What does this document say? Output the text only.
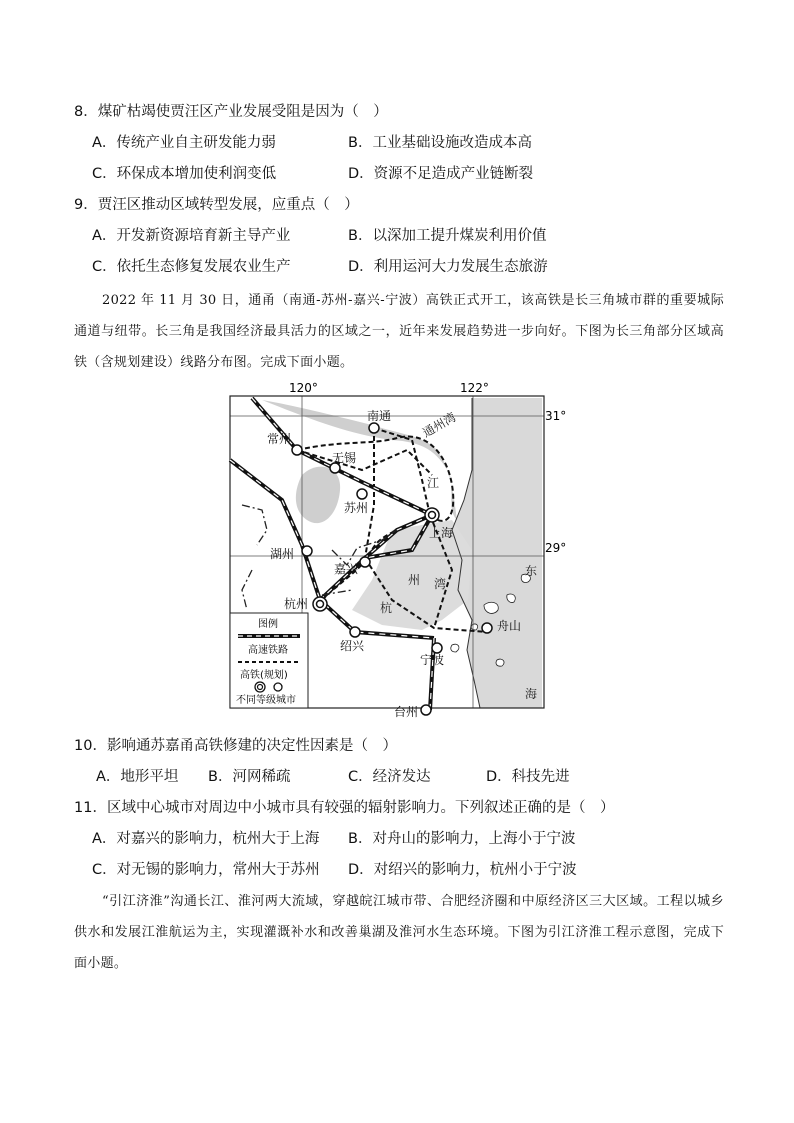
8．煤矿枯竭使贾汪区产业发展受阻是因为（　）
A．传统产业自主研发能力弱	B．工业基础设施改造成本高
C．环保成本增加使利润变低	D．资源不足造成产业链断裂
9．贾汪区推动区域转型发展，应重点（　）
A．开发新资源培育新主导产业	B．以深加工提升煤炭利用价值
C．依托生态修复发展农业生产	D．利用运河大力发展生态旅游
2022 年 11 月 30 日，通甬（南通-苏州-嘉兴-宁波）高铁正式开工，该高铁是长三角城市群的重要城际通道与纽带。长三角是我国经济最具活力的区域之一，近年来发展趋势进一步向好。下图为长三角部分区域高铁（含规划建设）线路分布图。完成下面小题。
120°	122°
31°
29°
南通
常州
无锡
苏州
上海
湖州
嘉兴
杭州
绍兴
宁波
舟山
台州
通州湾
江
州 湾
杭
东
海
图例
高速铁路
高铁(规划)
不同等级城市
10．影响通苏嘉甬高铁修建的决定性因素是（　）
A．地形平坦 B．河网稀疏	C．经济发达	D．科技先进
11．区域中心城市对周边中小城市具有较强的辐射影响力。下列叙述正确的是（　）
A．对嘉兴的影响力，杭州大于上海 B．对舟山的影响力，上海小于宁波
C．对无锡的影响力，常州大于苏州 D．对绍兴的影响力，杭州小于宁波
“引江济淮”沟通长江、淮河两大流域，穿越皖江城市带、合肥经济圈和中原经济区三大区域。工程以城乡供水和发展江淮航运为主，实现灌溉补水和改善巢湖及淮河水生态环境。下图为引江济淮工程示意图，完成下面小题。
